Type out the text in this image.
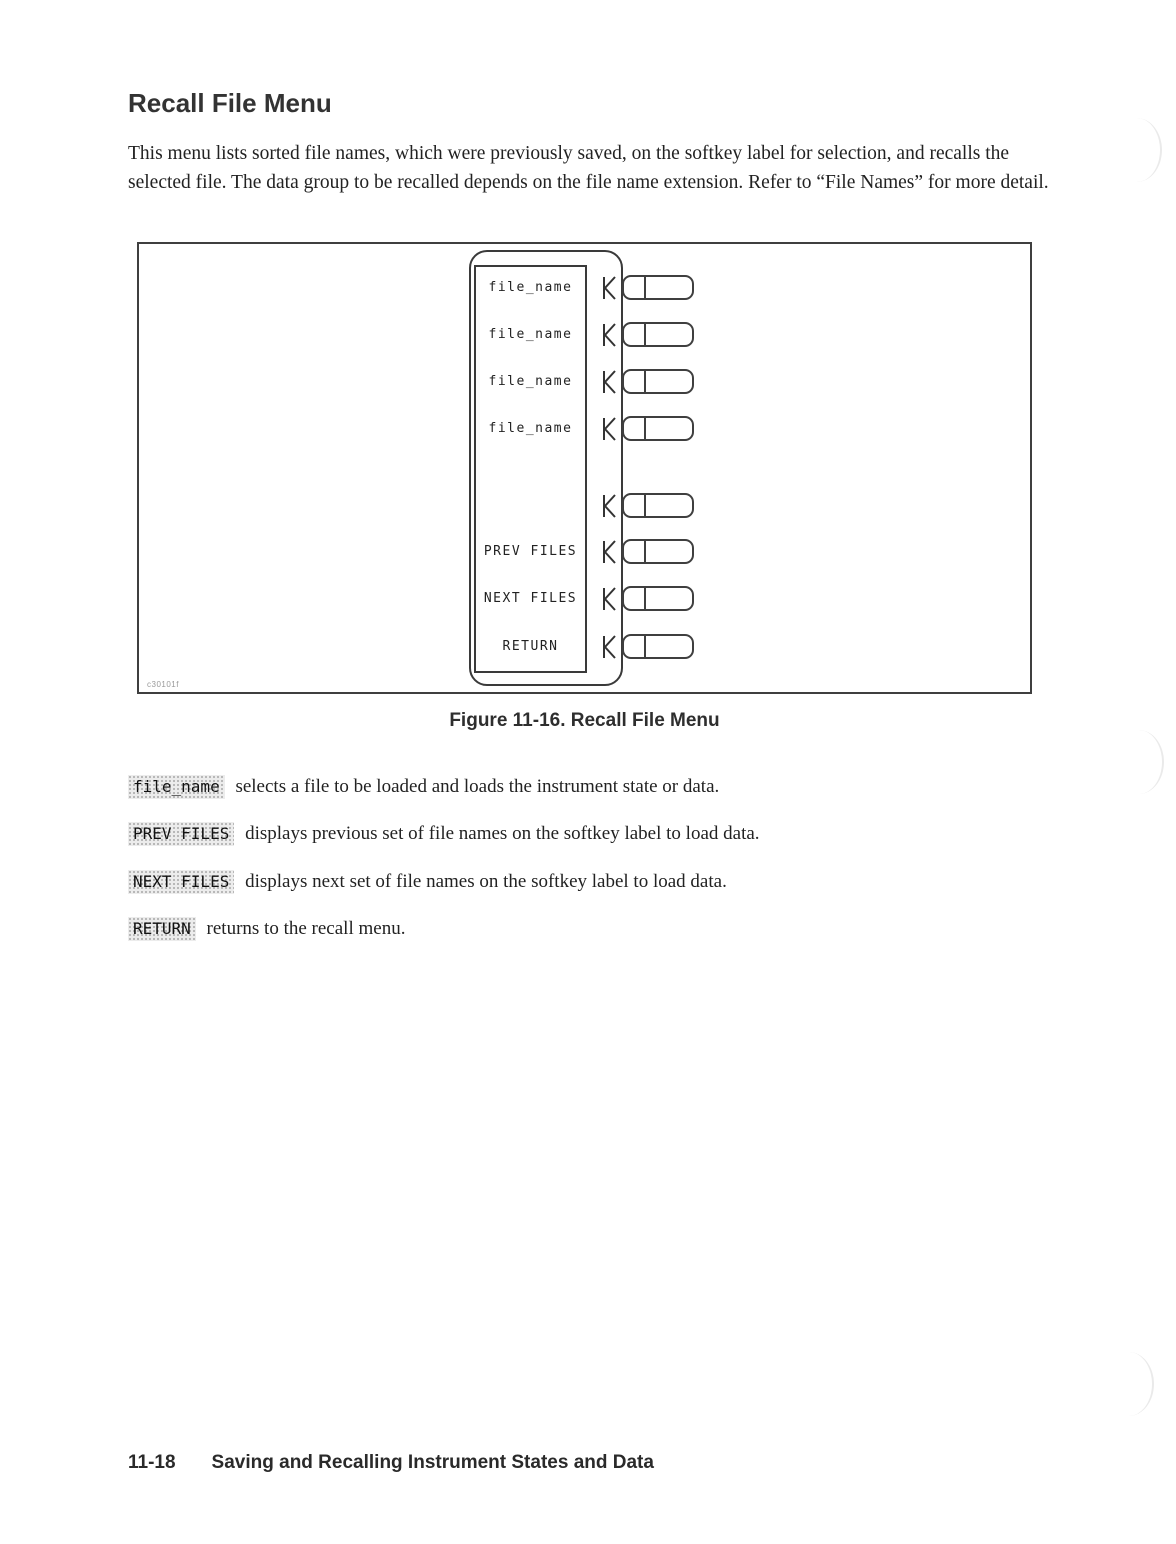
Recall File Menu

This menu lists sorted file names, which were previously saved, on the softkey label for selection, and recalls the selected file. The data group to be recalled depends on the file name extension. Refer to “File Names” for more detail.

file_name
file_name
file_name
file_name
PREV FILES
NEXT FILES
RETURN
c30101f
Figure 11-16. Recall File Menu

file_name selects a file to be loaded and loads the instrument state or data.

PREV FILES displays previous set of file names on the softkey label to load data.

NEXT FILES displays next set of file names on the softkey label to load data.

RETURN returns to the recall menu.

11-18 Saving and Recalling Instrument States and Data
